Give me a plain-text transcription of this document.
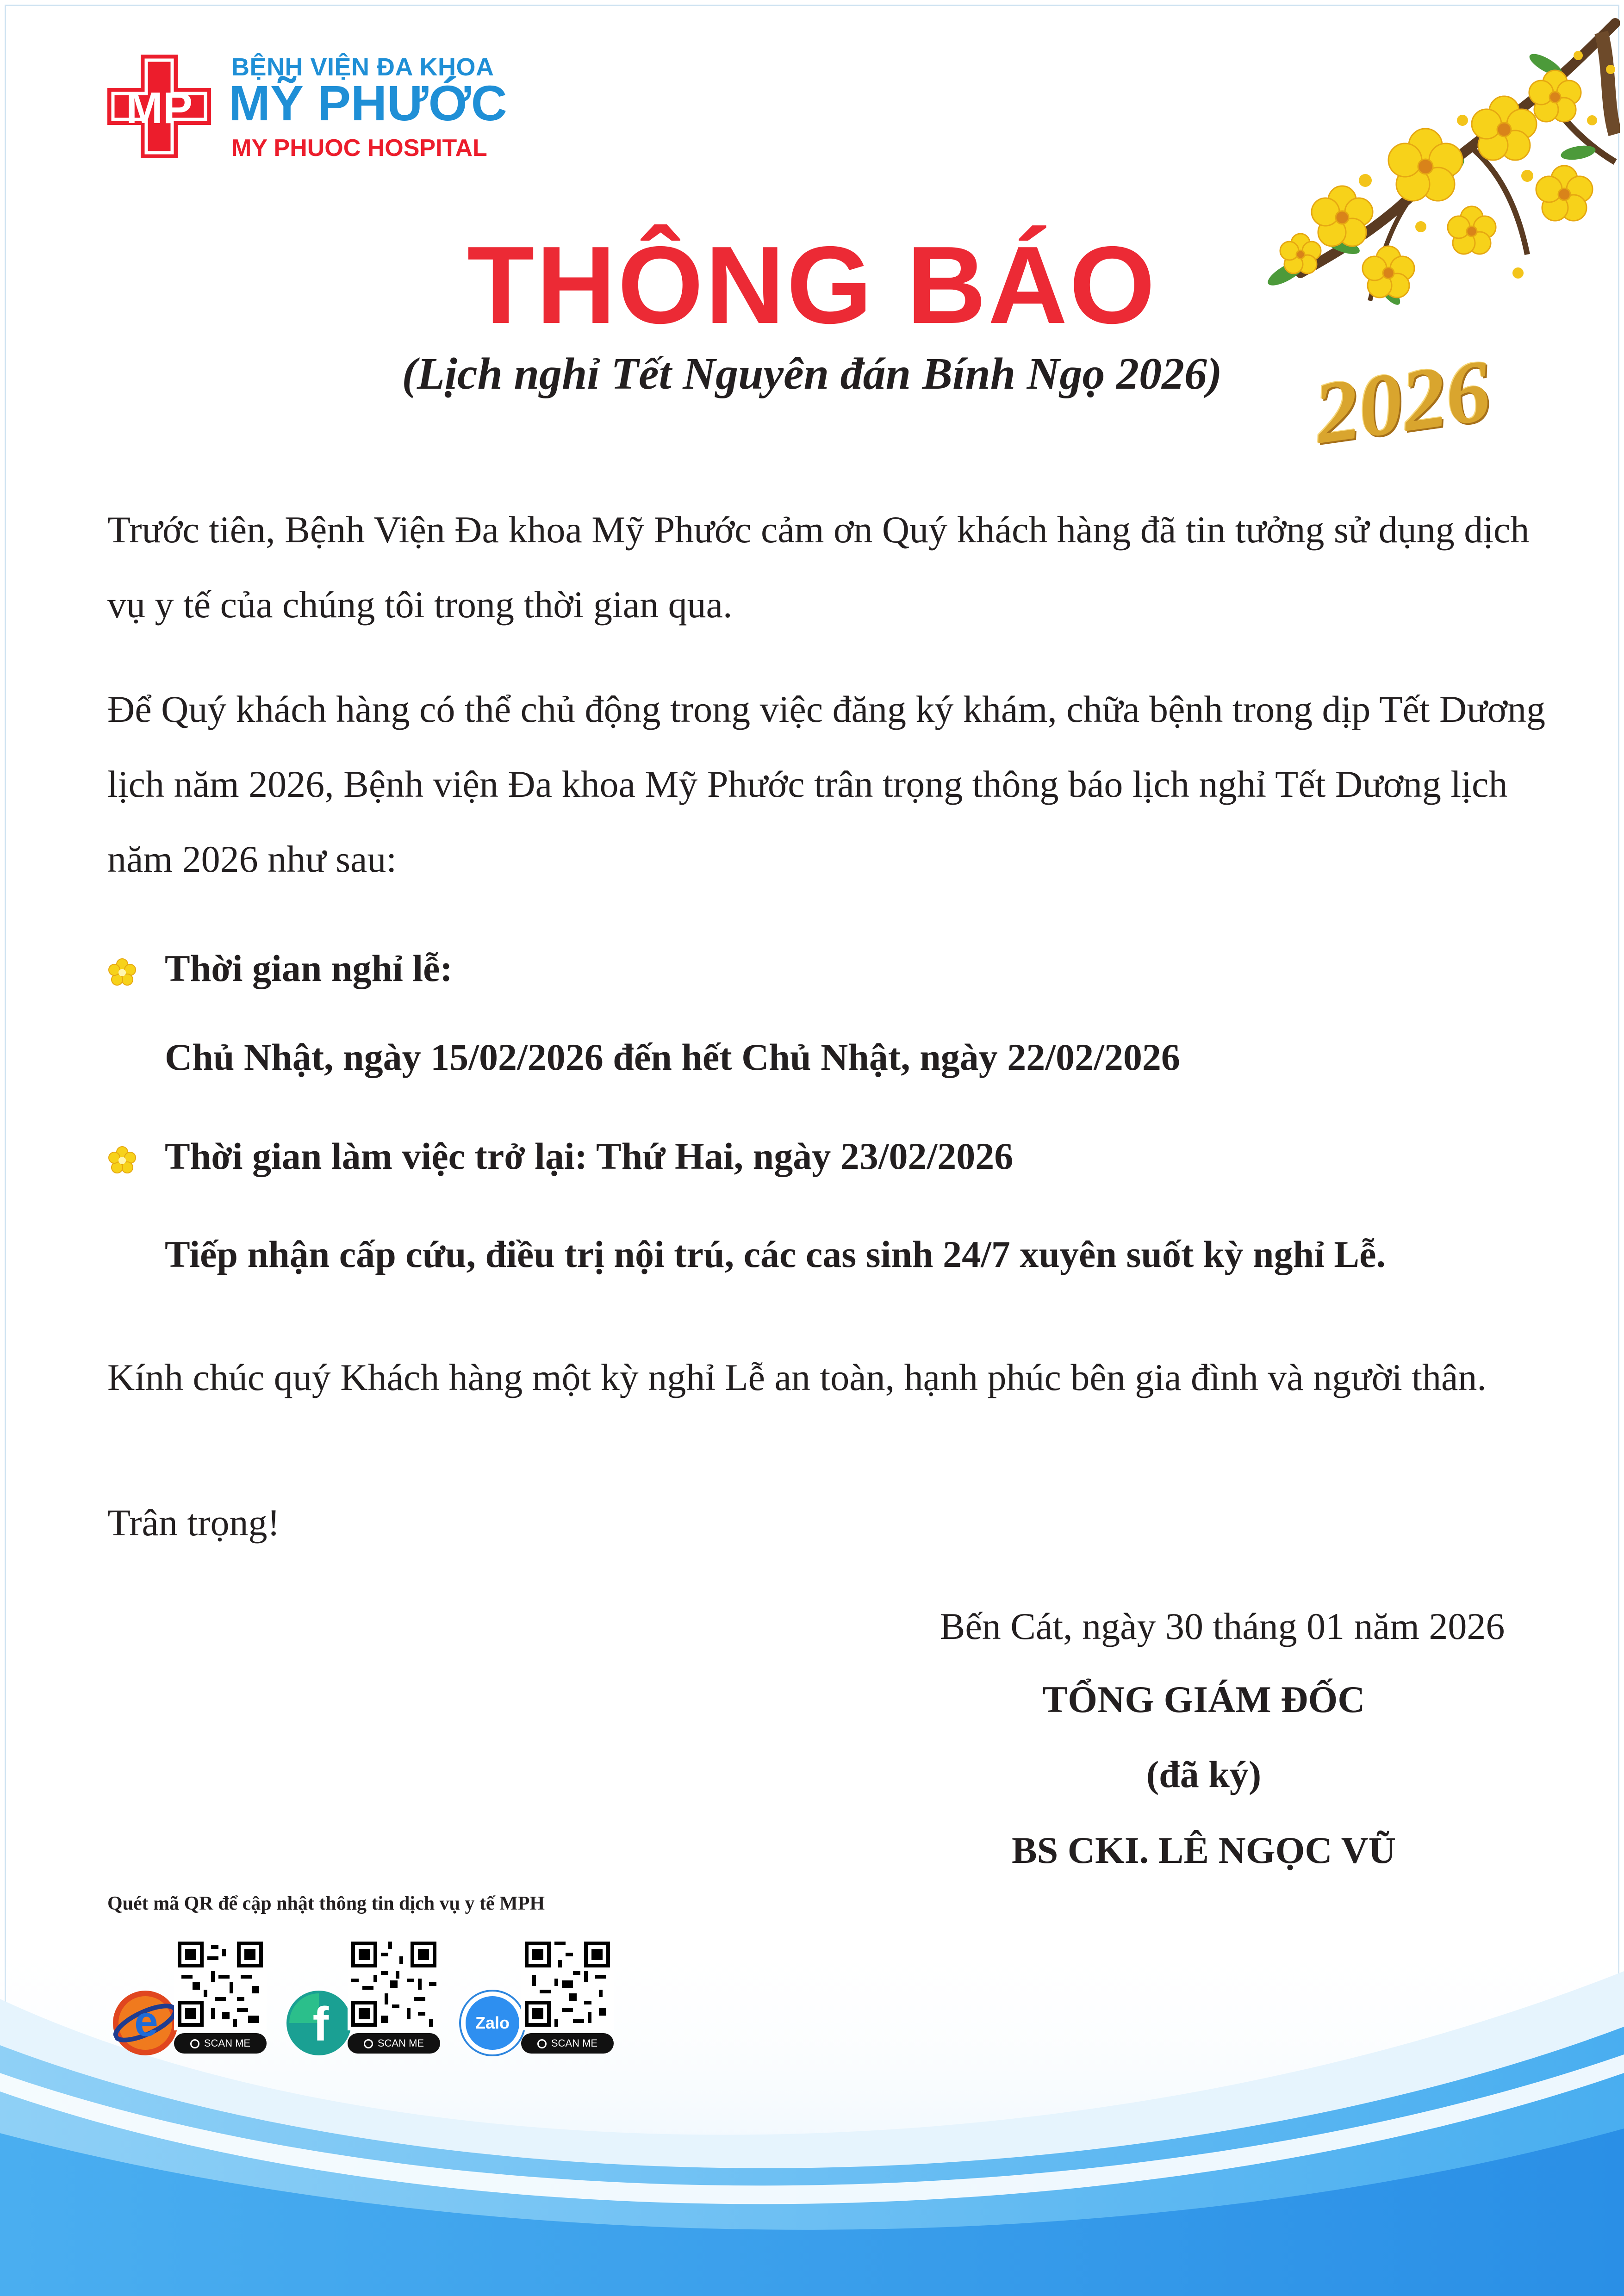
MP
BỆNH VIỆN ĐA KHOA
MỸ PHƯỚC
MY PHUOC HOSPITAL
2026
THÔNG BÁO
(Lịch nghỉ Tết Nguyên đán Bính Ngọ 2026)

Trước tiên, Bệnh Viện Đa khoa Mỹ Phước cảm ơn Quý khách hàng đã tin tưởng sử dụng dịch vụ y tế của chúng tôi trong thời gian qua.

Để Quý khách hàng có thể chủ động trong việc đăng ký khám, chữa bệnh trong dịp Tết Dương lịch năm 2026, Bệnh viện Đa khoa Mỹ Phước trân trọng thông báo lịch nghỉ Tết Dương lịch năm 2026 như sau:

Thời gian nghỉ lễ:
Chủ Nhật, ngày 15/02/2026 đến hết Chủ Nhật, ngày 22/02/2026
Thời gian làm việc trở lại: Thứ Hai, ngày 23/02/2026
Tiếp nhận cấp cứu, điều trị nội trú, các cas sinh 24/7 xuyên suốt kỳ nghỉ Lễ.

Kính chúc quý Khách hàng một kỳ nghỉ Lễ an toàn, hạnh phúc bên gia đình và người thân.

Trân trọng!
Bến Cát, ngày 30 tháng 01 năm 2026
TỔNG GIÁM ĐỐC
(đã ký)
BS CKI. LÊ NGỌC VŨ
Quét mã QR để cập nhật thông tin dịch vụ y tế MPH
e	SCAN ME	f	SCAN ME
Zalo
SCAN ME
